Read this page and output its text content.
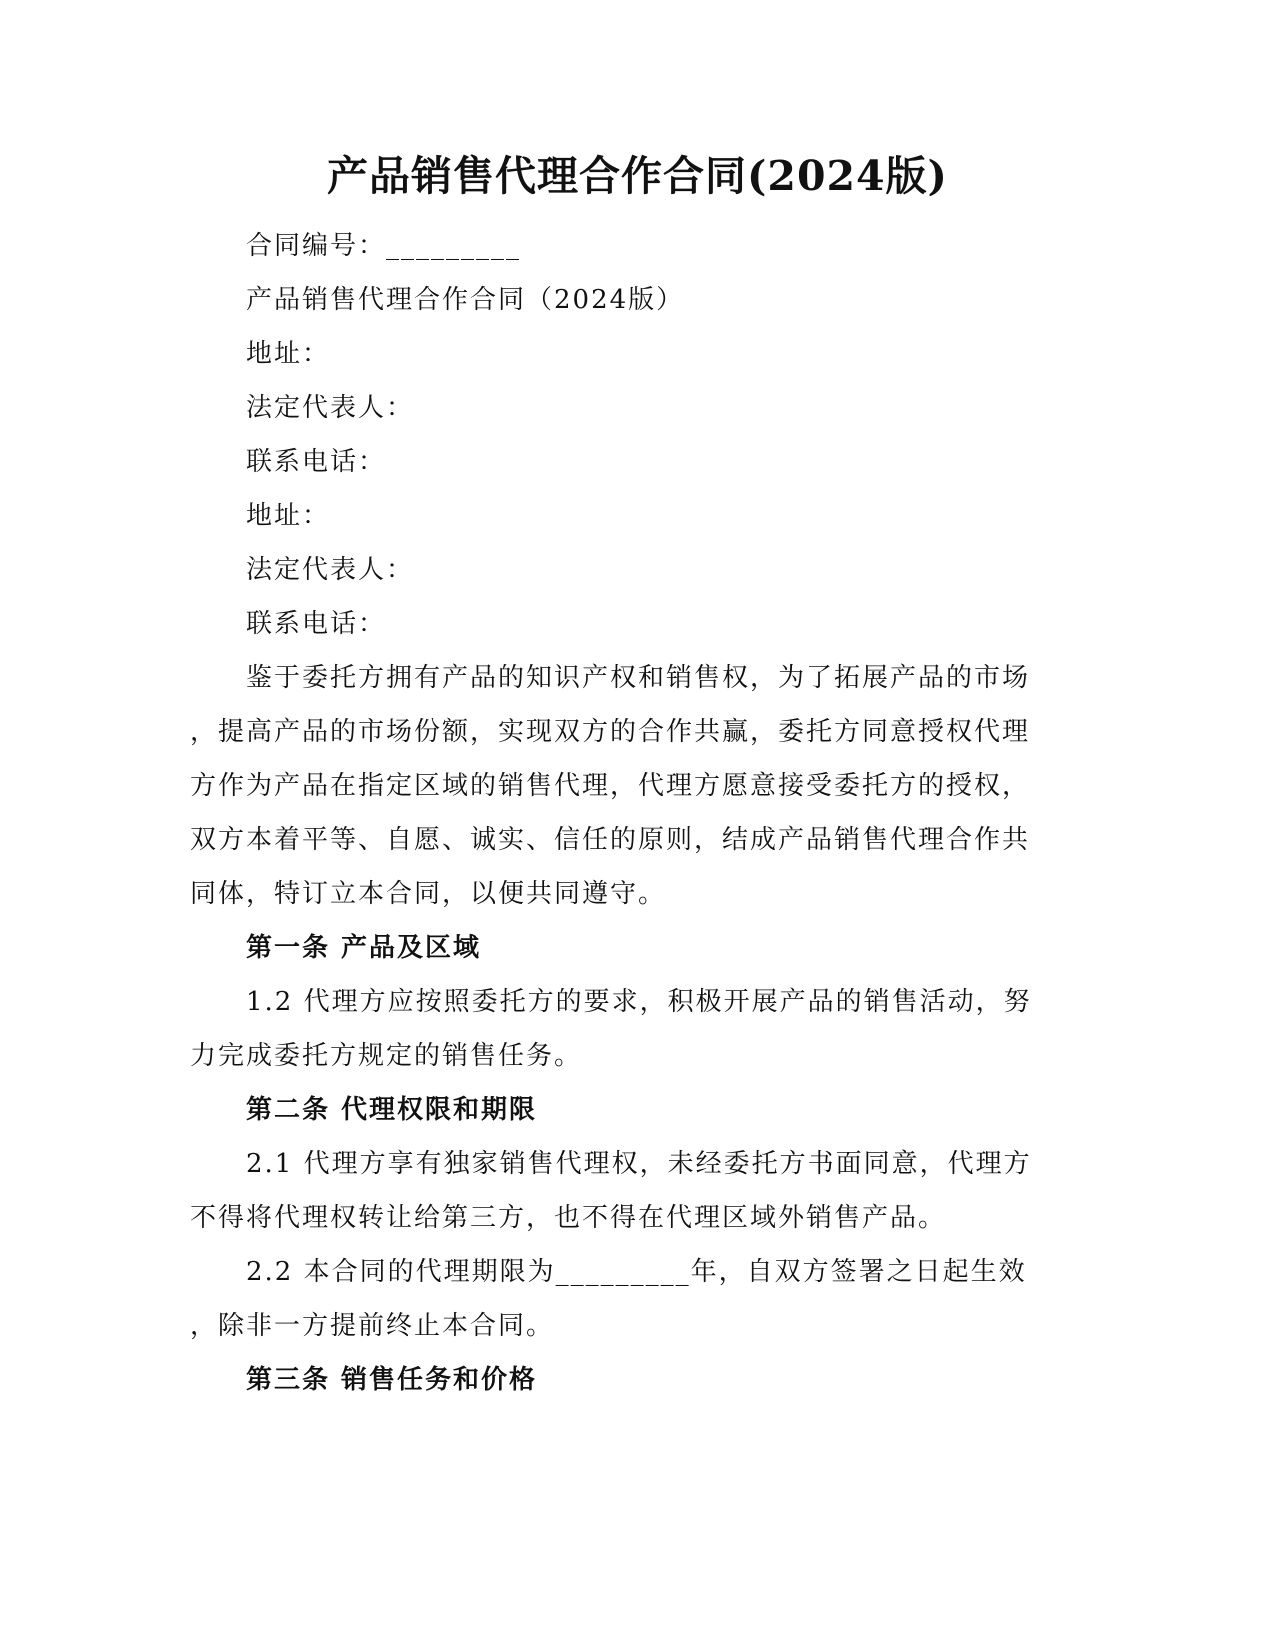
产品销售代理合作合同(2024版)
合同编号：_________
产品销售代理合作合同（2024版）
地址：
法定代表人：
联系电话：
地址：
法定代表人：
联系电话：
鉴于委托方拥有产品的知识产权和销售权，为了拓展产品的市场
，提高产品的市场份额，实现双方的合作共赢，委托方同意授权代理
方作为产品在指定区域的销售代理，代理方愿意接受委托方的授权，
双方本着平等、自愿、诚实、信任的原则，结成产品销售代理合作共
同体，特订立本合同，以便共同遵守。
第一条 产品及区域
1.2 代理方应按照委托方的要求，积极开展产品的销售活动，努
力完成委托方规定的销售任务。
第二条 代理权限和期限
2.1 代理方享有独家销售代理权，未经委托方书面同意，代理方
不得将代理权转让给第三方，也不得在代理区域外销售产品。
2.2 本合同的代理期限为_________年，自双方签署之日起生效
，除非一方提前终止本合同。
第三条 销售任务和价格
